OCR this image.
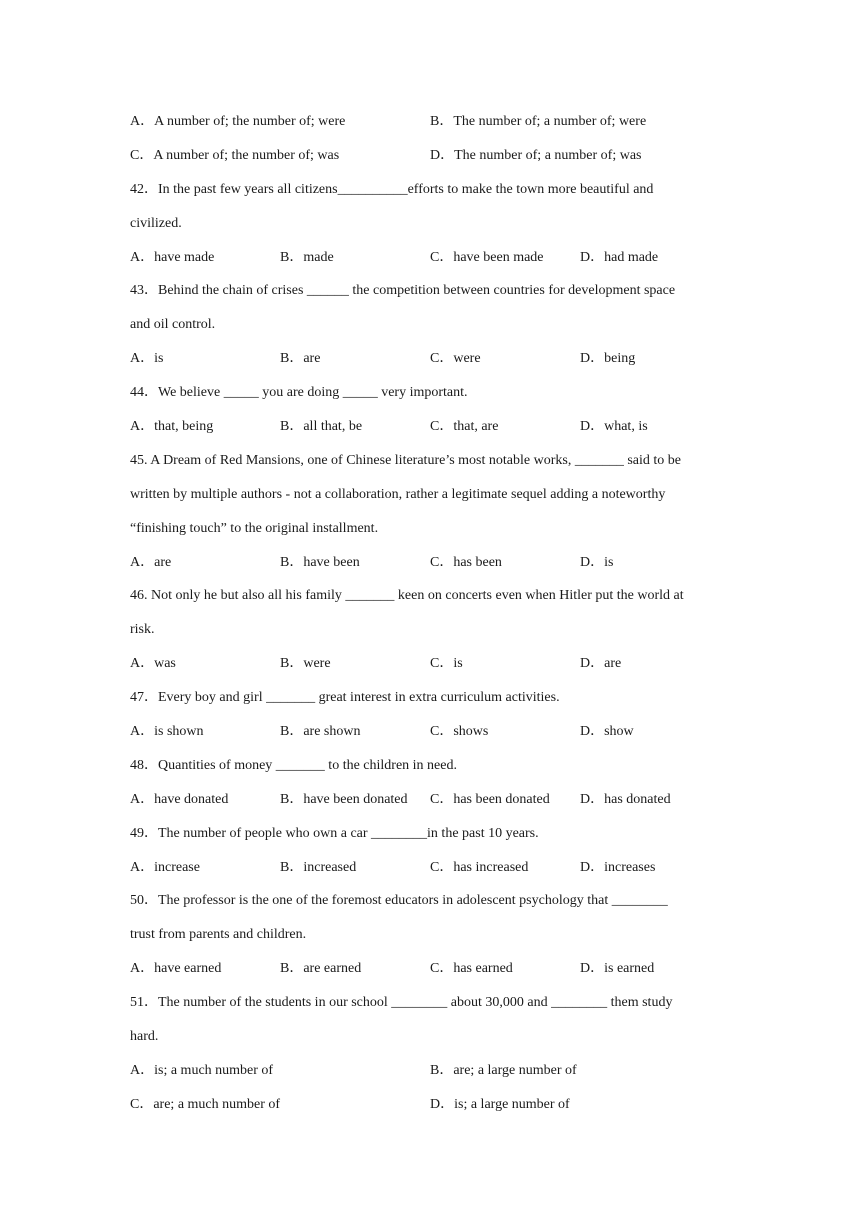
A．A number of; the number of; were	B．The number of; a number of; were
C．A number of; the number of; was	D．The number of; a number of; was
42．In the past few years all citizens__________efforts to make the town more beautiful and
civilized.
A．have made	B．made	C．have been made	D．had made
43．Behind the chain of crises ______ the competition between countries for development space
and oil control.
A．is	B．are	C．were	D．being
44．We believe _____ you are doing _____ very important.
A．that, being	B．all that, be	C．that, are	D．what, is
45. A Dream of Red Mansions, one of Chinese literature’s most notable works, _______ said to be
written by multiple authors - not a collaboration, rather a legitimate sequel adding a noteworthy
“finishing touch” to the original installment.
A．are	B．have been	C．has been	D．is
46. Not only he but also all his family _______ keen on concerts even when Hitler put the world at
risk.
A．was	B．were	C．is	D．are
47．Every boy and girl _______ great interest in extra curriculum activities.
A．is shown	B．are shown	C．shows	D．show
48．Quantities of money _______ to the children in need.
A．have donated	B．have been donated C．has been donated D．has donated
49．The number of people who own a car ________in the past 10 years.
A．increase	B．increased	C．has increased	D．increases
50．The professor is the one of the foremost educators in adolescent psychology that ________
trust from parents and children.
A．have earned	B．are earned	C．has earned	D．is earned
51．The number of the students in our school ________ about 30,000 and ________ them study
hard.
A．is; a much number of	B．are; a large number of
C．are; a much number of	D．is; a large number of
